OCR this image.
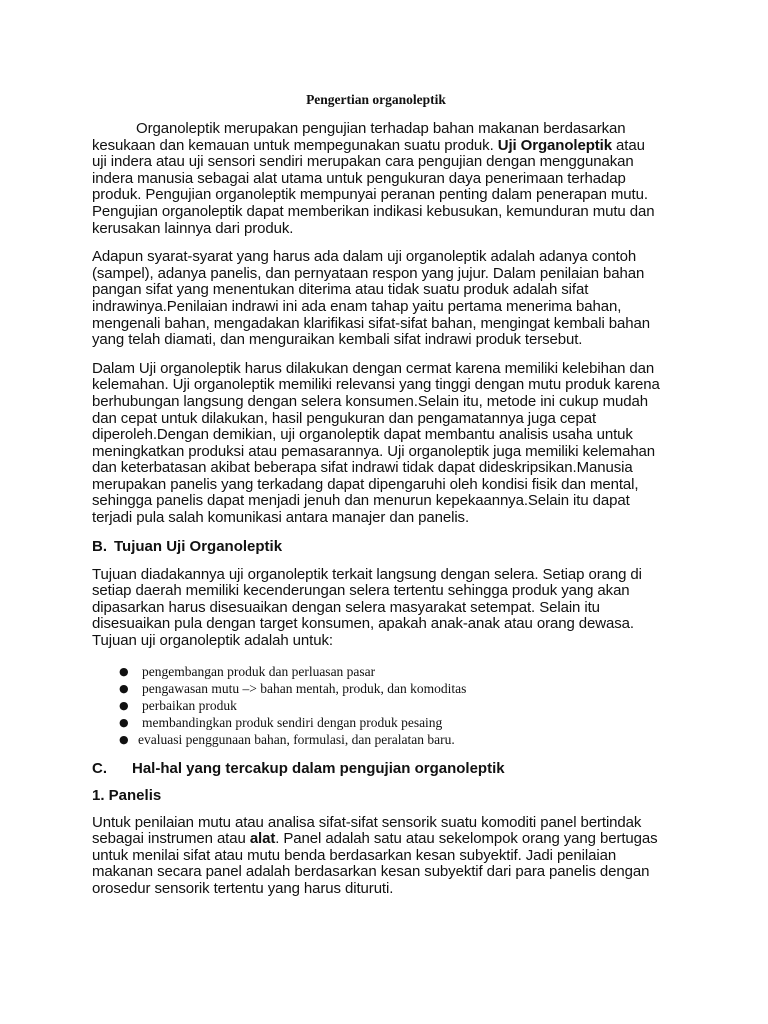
Pengertian organoleptik

Organoleptik merupakan pengujian terhadap bahan makanan berdasarkan kesukaan dan kemauan untuk mempegunakan suatu produk. Uji Organoleptik atau uji indera atau uji sensori sendiri merupakan cara pengujian dengan menggunakan indera manusia sebagai alat utama untuk pengukuran daya penerimaan terhadap produk. Pengujian organoleptik mempunyai peranan penting dalam penerapan mutu. Pengujian organoleptik dapat memberikan indikasi kebusukan, kemunduran mutu dan kerusakan lainnya dari produk.

Adapun syarat-syarat yang harus ada dalam uji organoleptik adalah adanya contoh (sampel), adanya panelis, dan pernyataan respon yang jujur. Dalam penilaian bahan pangan sifat yang menentukan diterima atau tidak suatu produk adalah sifat indrawinya.Penilaian indrawi ini ada enam tahap yaitu pertama menerima bahan, mengenali bahan, mengadakan klarifikasi sifat-sifat bahan, mengingat kembali bahan yang telah diamati, dan menguraikan kembali sifat indrawi produk tersebut.

Dalam Uji organoleptik harus dilakukan dengan cermat karena memiliki kelebihan dan kelemahan. Uji organoleptik memiliki relevansi yang tinggi dengan mutu produk karena berhubungan langsung dengan selera konsumen.Selain itu, metode ini cukup mudah dan cepat untuk dilakukan, hasil pengukuran dan pengamatannya juga cepat diperoleh.Dengan demikian, uji organoleptik dapat membantu analisis usaha untuk meningkatkan produksi atau pemasarannya. Uji organoleptik juga memiliki kelemahan dan keterbatasan akibat beberapa sifat indrawi tidak dapat dideskripsikan.Manusia merupakan panelis yang terkadang dapat dipengaruhi oleh kondisi fisik dan mental, sehingga panelis dapat menjadi jenuh dan menurun kepekaannya.Selain itu dapat terjadi pula salah komunikasi antara manajer dan panelis.

B. Tujuan Uji Organoleptik

Tujuan diadakannya uji organoleptik terkait langsung dengan selera. Setiap orang di setiap daerah memiliki kecenderungan selera tertentu sehingga produk yang akan dipasarkan harus disesuaikan dengan selera masyarakat setempat. Selain itu disesuaikan pula dengan target konsumen, apakah anak-anak atau orang dewasa. Tujuan uji organoleptik adalah untuk:

● pengembangan produk dan perluasan pasar
● pengawasan mutu –> bahan mentah, produk, dan komoditas
● perbaikan produk
● membandingkan produk sendiri dengan produk pesaing
● evaluasi penggunaan bahan, formulasi, dan peralatan baru.
C. Hal-hal yang tercakup dalam pengujian organoleptik
1. Panelis

Untuk penilaian mutu atau analisa sifat-sifat sensorik suatu komoditi panel bertindak sebagai instrumen atau alat. Panel adalah satu atau sekelompok orang yang bertugas untuk menilai sifat atau mutu benda berdasarkan kesan subyektif. Jadi penilaian makanan secara panel adalah berdasarkan kesan subyektif dari para panelis dengan orosedur sensorik tertentu yang harus dituruti.
